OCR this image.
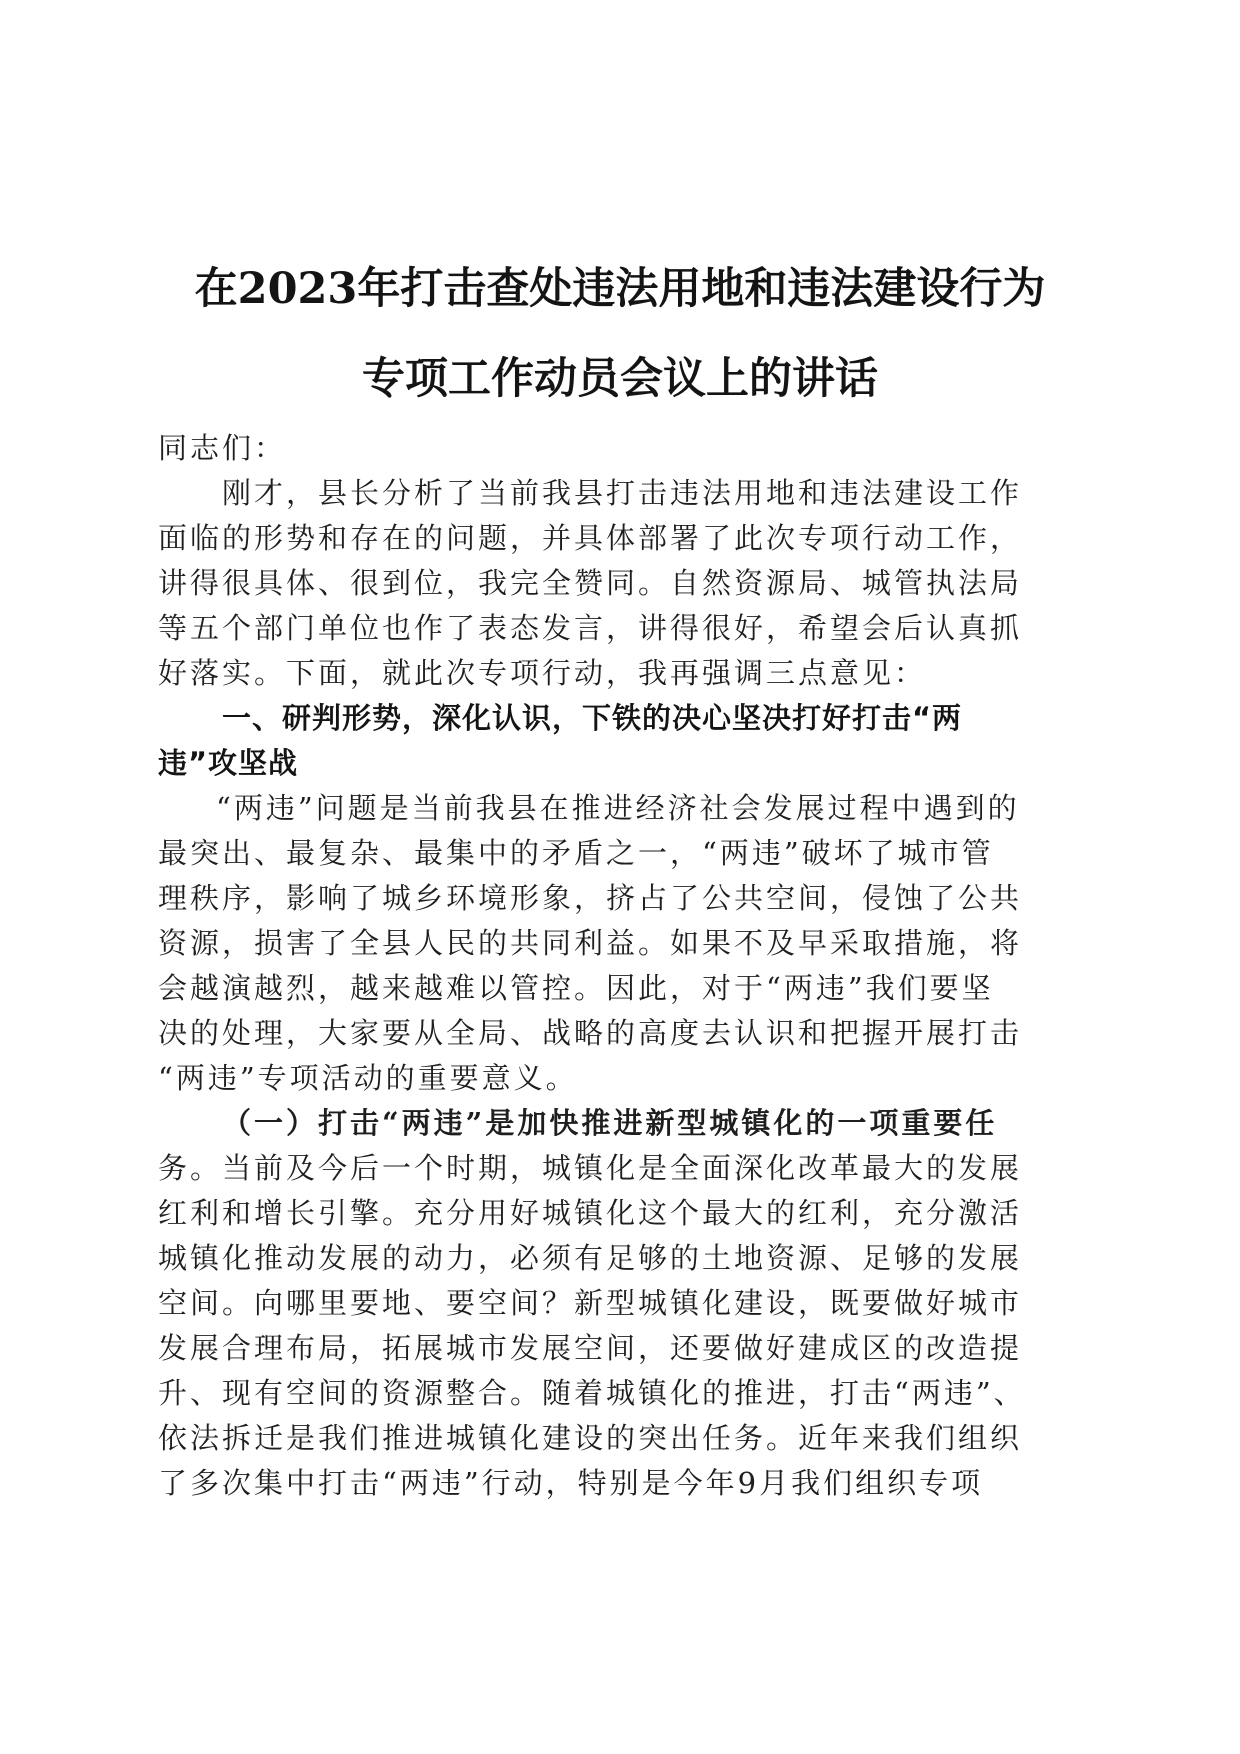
在2023年打击查处违法用地和违法建设行为
专项工作动员会议上的讲话
同志们：
刚才，县长分析了当前我县打击违法用地和违法建设工作
面临的形势和存在的问题，并具体部署了此次专项行动工作，
讲得很具体、很到位，我完全赞同。自然资源局、城管执法局
等五个部门单位也作了表态发言，讲得很好，希望会后认真抓
好落实。下面，就此次专项行动，我再强调三点意见：
一、研判形势，深化认识，下铁的决心坚决打好打击“两
违”攻坚战
“两违”问题是当前我县在推进经济社会发展过程中遇到的
最突出、最复杂、最集中的矛盾之一，“两违”破坏了城市管
理秩序，影响了城乡环境形象，挤占了公共空间，侵蚀了公共
资源，损害了全县人民的共同利益。如果不及早采取措施，将
会越演越烈，越来越难以管控。因此，对于“两违”我们要坚
决的处理，大家要从全局、战略的高度去认识和把握开展打击
“两违”专项活动的重要意义。
（一）打击“两违”是加快推进新型城镇化的一项重要任
务。当前及今后一个时期，城镇化是全面深化改革最大的发展
红利和增长引擎。充分用好城镇化这个最大的红利，充分激活
城镇化推动发展的动力，必须有足够的土地资源、足够的发展
空间。向哪里要地、要空间？新型城镇化建设，既要做好城市
发展合理布局，拓展城市发展空间，还要做好建成区的改造提
升、现有空间的资源整合。随着城镇化的推进，打击“两违”、
依法拆迁是我们推进城镇化建设的突出任务。近年来我们组织
了多次集中打击“两违”行动，特别是今年9月我们组织专项
